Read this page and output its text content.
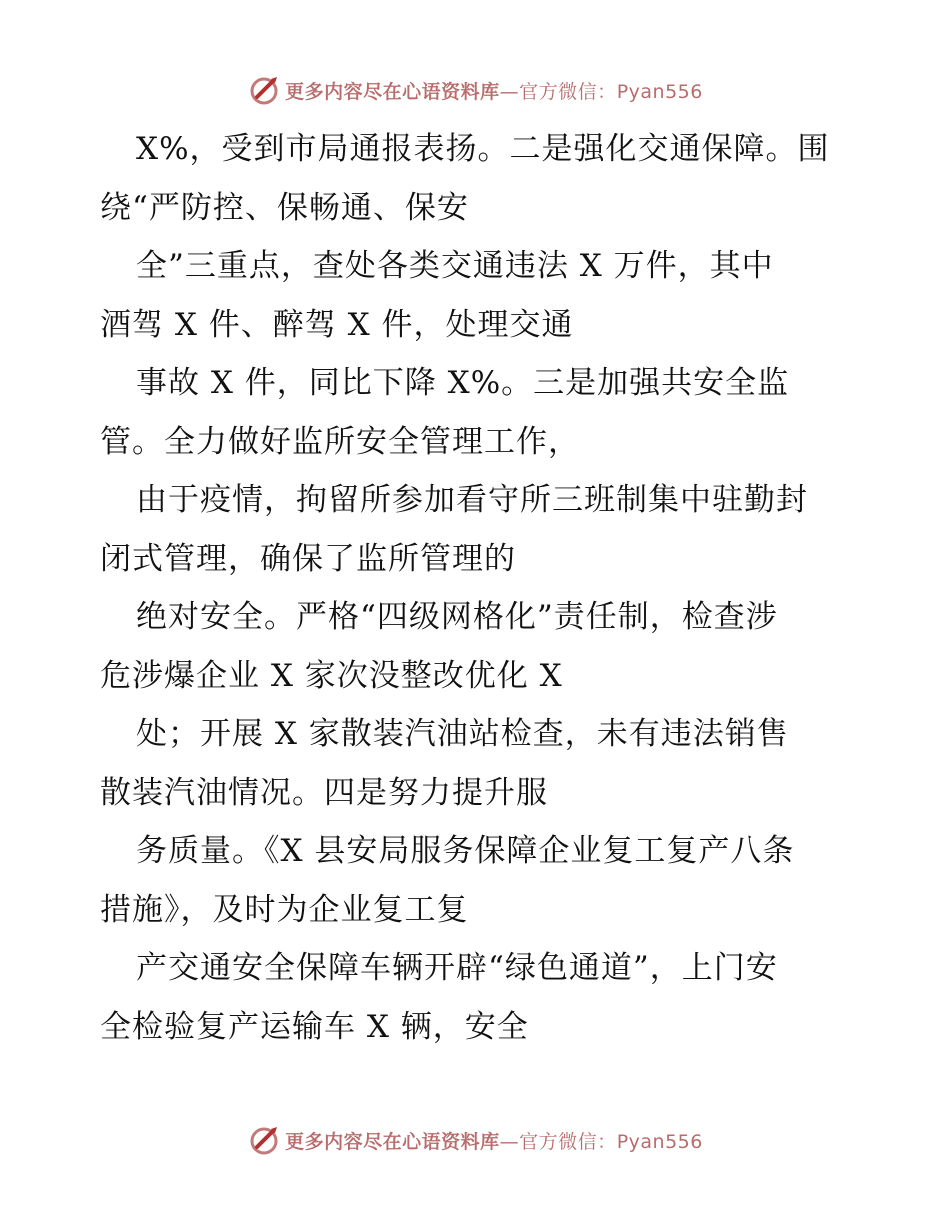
更多内容尽在心语资料库—官方微信：Pyan556
X%，受到市局通报表扬。二是强化交通保障。围
绕“严防控、保畅通、保安
全”三重点，查处各类交通违法 X 万件，其中
酒驾 X 件、醉驾 X 件，处理交通
事故 X 件，同比下降 X%。三是加强共安全监
管。全力做好监所安全管理工作，
由于疫情，拘留所参加看守所三班制集中驻勤封
闭式管理，确保了监所管理的
绝对安全。严格“四级网格化”责任制，检查涉
危涉爆企业 X 家次没整改优化 X
处；开展 X 家散装汽油站检查，未有违法销售
散装汽油情况。四是努力提升服
务质量。《X 县安局服务保障企业复工复产八条
措施》，及时为企业复工复
产交通安全保障车辆开辟“绿色通道”，上门安
全检验复产运输车 X 辆，安全
更多内容尽在心语资料库—官方微信：Pyan556
